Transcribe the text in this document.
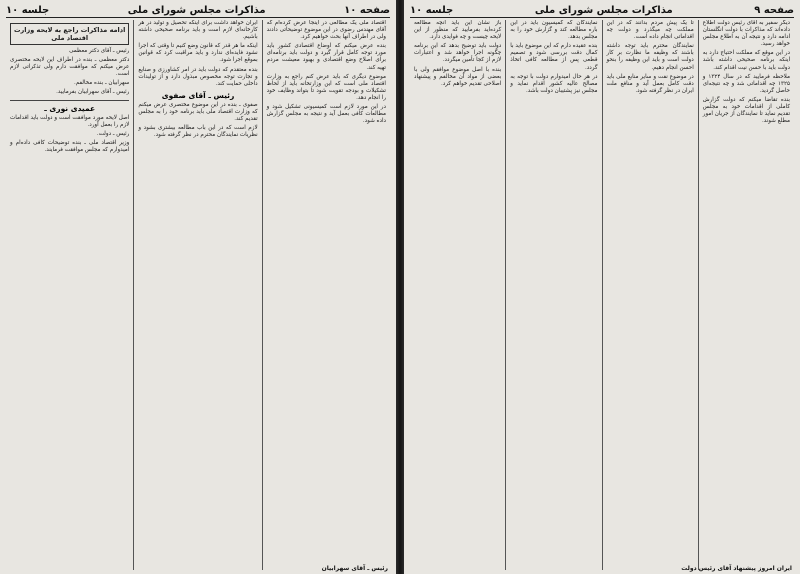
صفحه ۱۰
مذاکرات مجلس شورای ملی
جلسه ۱۰

اقتصاد ملی یک مطالعی در اینجا عرض کرده‌ام که آقای مهندس رضوی در این موضوع توضیحاتی دادند ولی در اطراف آنها بحث خواهیم کرد.

بنده عرض میکنم که اوضاع اقتصادی کشور باید مورد توجه کامل قرار گیرد و دولت باید برنامه‌ای برای اصلاح وضع اقتصادی و بهبود معیشت مردم تهیه کند.

موضوع دیگری که باید عرض کنم راجع به وزارت اقتصاد ملی است که این وزارتخانه باید از لحاظ تشکیلات و بودجه تقویت شود تا بتواند وظایف خود را انجام دهد.

در این مورد لازم است کمیسیونی تشکیل شود و مطالعات کافی بعمل آید و نتیجه به مجلس گزارش داده شود.

ایران خواهد داشت برای اینکه تحصیل و تولید در هر کارخانه‌ای لازم است و باید برنامه صحیحی داشته باشیم.

اینکه ما هر قدر که قانون وضع کنیم تا وقتی که اجرا نشود فایده‌ای ندارد و باید مراقبت کرد که قوانین بموقع اجرا شود.

بنده معتقدم که دولت باید در امر کشاورزی و صنایع و تجارت توجه مخصوص مبذول دارد و از تولیدات داخلی حمایت کند.

رئیس ـ آقای صفوی

صفوی ـ بنده در این موضوع مختصری عرض میکنم که وزارت اقتصاد ملی باید برنامه خود را به مجلس تقدیم کند.

لازم است که در این باب مطالعه بیشتری بشود و نظریات نمایندگان محترم در نظر گرفته شود.

ادامه مذاکرات راجع به لایحه وزارت اقتصاد ملی

رئیس ـ آقای دکتر معظمی

دکتر معظمی ـ بنده در اطراف این لایحه مختصری عرض میکنم که موافقت دارم ولی تذکراتی لازم است.

سهرابیان ـ بنده مخالفم.

رئیس ـ آقای سهرابیان بفرمایید.

عمیدی نوری ـ

اصل لایحه مورد موافقت است و دولت باید اقدامات لازم را بعمل آورد.

رئیس ـ دولت.

وزیر اقتصاد ملی ـ بنده توضیحات کافی داده‌ام و امیدوارم که مجلس موافقت فرمایند.

رئیس ـ آقای سهرابیان
صفحه ۹
مذاکرات مجلس شورای ملی
جلسه ۱۰

دیگر سفیر به آقای رئیس دولت اطلاع داده‌اند که مذاکرات با دولت انگلستان ادامه دارد و نتیجه آن به اطلاع مجلس خواهد رسید.

در این موقع که مملکت احتیاج دارد به اینکه برنامه صحیحی داشته باشد دولت باید با حسن نیت اقدام کند.

ملاحظه فرمایید که در سال ۱۳۲۴ و ۱۳۲۵ چه اقداماتی شد و چه نتیجه‌ای حاصل گردید.

بنده تقاضا میکنم که دولت گزارش کاملی از اقدامات خود به مجلس تقدیم نماید تا نمایندگان از جریان امور مطلع شوند.

تا یک پیش مردم بدانند که در این مملکت چه میگذرد و دولت چه اقداماتی انجام داده است.

نمایندگان محترم باید توجه داشته باشند که وظیفه ما نظارت بر کار دولت است و باید این وظیفه را بنحو احسن انجام دهیم.

در موضوع نفت و سایر منابع ملی باید دقت کامل بعمل آید و منافع ملت ایران در نظر گرفته شود.

نمایندگان که کمیسیون باید در این باره مطالعه کند و گزارش خود را به مجلس بدهد.

بنده عقیده دارم که این موضوع باید با کمال دقت بررسی شود و تصمیم قطعی پس از مطالعه کافی اتخاذ گردد.

در هر حال امیدوارم دولت با توجه به مصالح عالیه کشور اقدام نماید و مجلس نیز پشتیبان دولت باشد.

باز نشان این باید آنچه مطالعه کرده‌اید بفرمایید که منظور از این لایحه چیست و چه فوایدی دارد.

دولت باید توضیح بدهد که این برنامه چگونه اجرا خواهد شد و اعتبارات لازم از کجا تأمین میگردد.

بنده با اصل موضوع موافقم ولی با بعضی از مواد آن مخالفم و پیشنهاد اصلاحی تقدیم خواهم کرد.

ایران امروز پیشنهاد آقای رئیس دولت
